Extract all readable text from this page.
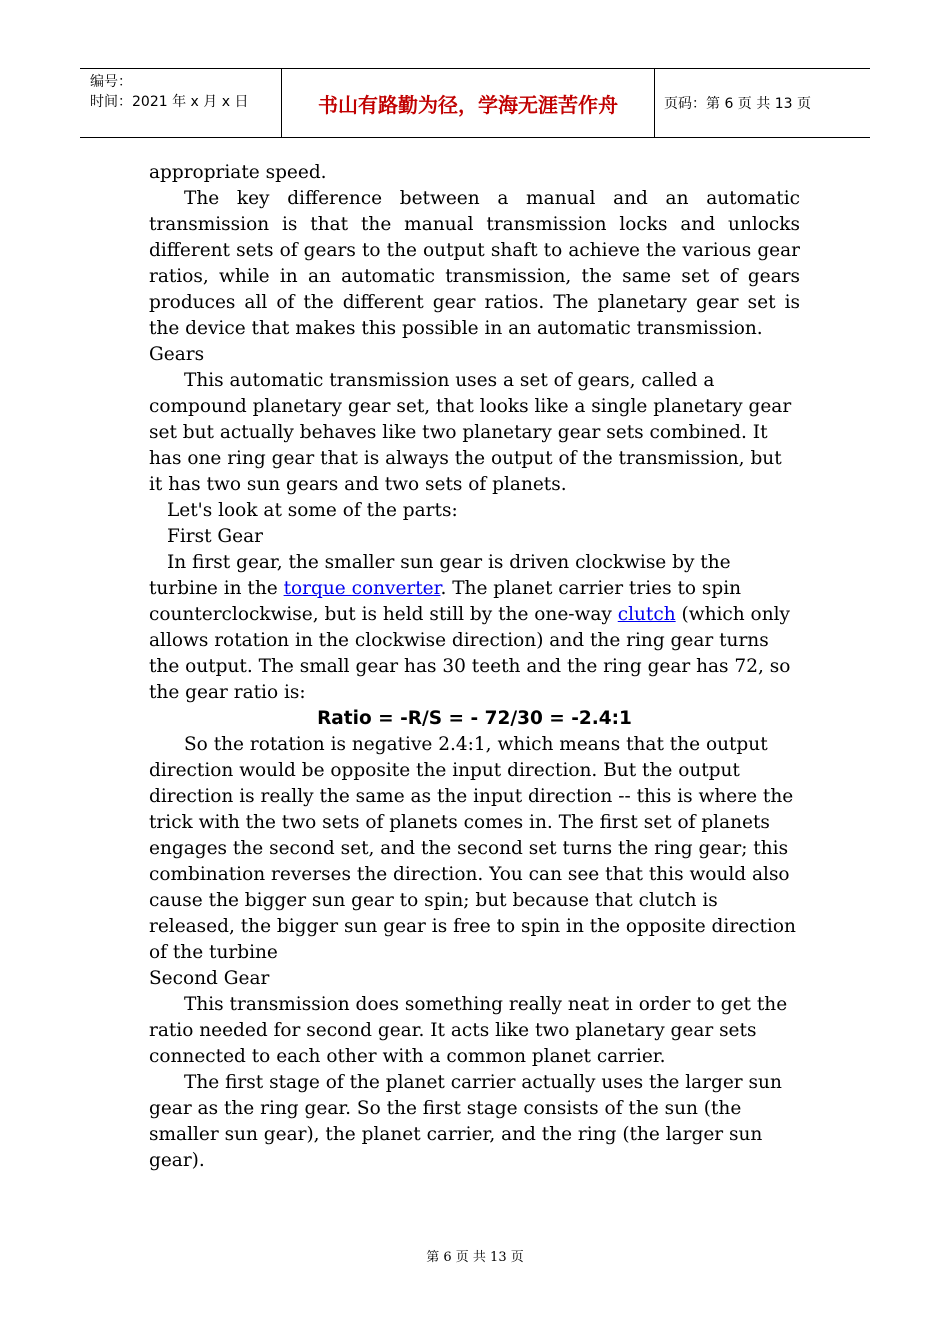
编号：
时间：2021 年 x 月 x 日	书山有路勤为径，学海无涯苦作舟	页码：第 6 页 共 13 页

appropriate speed.

The key difference between a manual and an automatic transmission is that the manual transmission locks and unlocks different sets of gears to the output shaft to achieve the various gear ratios, while in an automatic transmission, the same set of gears produces all of the different gear ratios. The planetary gear set is the device that makes this possible in an automatic transmission.

Gears

This automatic transmission uses a set of gears, called a compound planetary gear set, that looks like a single planetary gear set but actually behaves like two planetary gear sets combined. It has one ring gear that is always the output of the transmission, but it has two sun gears and two sets of planets.

Let's look at some of the parts:

First Gear

In first gear, the smaller sun gear is driven clockwise by the turbine in the torque converter. The planet carrier tries to spin counterclockwise, but is held still by the one-way clutch (which only allows rotation in the clockwise direction) and the ring gear turns the output. The small gear has 30 teeth and the ring gear has 72, so the gear ratio is:

Ratio = -R/S = - 72/30 = -2.4:1

So the rotation is negative 2.4:1, which means that the output direction would be opposite the input direction. But the output direction is really the same as the input direction -- this is where the trick with the two sets of planets comes in. The first set of planets engages the second set, and the second set turns the ring gear; this combination reverses the direction. You can see that this would also cause the bigger sun gear to spin; but because that clutch is released, the bigger sun gear is free to spin in the opposite direction of the turbine

Second Gear

This transmission does something really neat in order to get the ratio needed for second gear. It acts like two planetary gear sets connected to each other with a common planet carrier.

The first stage of the planet carrier actually uses the larger sun gear as the ring gear. So the first stage consists of the sun (the smaller sun gear), the planet carrier, and the ring (the larger sun gear).

第 6 页 共 13 页
